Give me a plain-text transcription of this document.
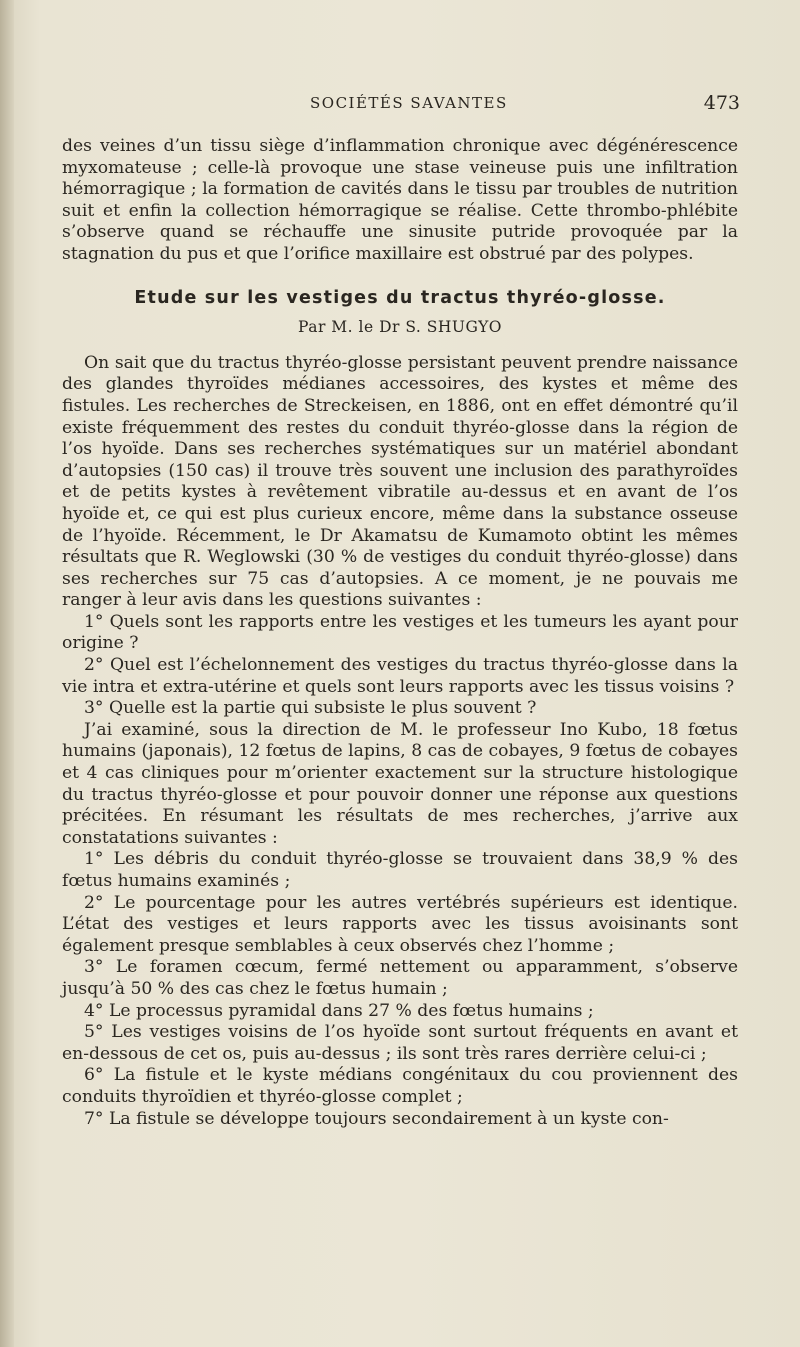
SOCIÉTÉS SAVANTES	473

des veines d’un tissu siège d’inflammation chronique avec dégénérescence myxomateuse ; celle-là provoque une stase veineuse puis une infiltration hémorragique ; la formation de cavités dans le tissu par troubles de nutrition suit et enfin la collection hémorragique se réalise. Cette thrombo-phlébite s’observe quand se réchauffe une sinusite putride provoquée par la stagnation du pus et que l’orifice maxillaire est obstrué par des polypes.

Etude sur les vestiges du tractus thyréo-glosse.
Par M. le Dr S. SHUGYO

On sait que du tractus thyréo-glosse persistant peuvent prendre naissance des glandes thyroïdes médianes accessoires, des kystes et même des fistules. Les recherches de Streckeisen, en 1886, ont en effet démontré qu’il existe fréquemment des restes du conduit thyréo-glosse dans la région de l’os hyoïde. Dans ses recherches systématiques sur un matériel abondant d’autopsies (150 cas) il trouve très souvent une inclusion des parathyroïdes et de petits kystes à revêtement vibratile au-dessus et en avant de l’os hyoïde et, ce qui est plus curieux encore, même dans la substance osseuse de l’hyoïde. Récemment, le Dr Akamatsu de Kumamoto obtint les mêmes résultats que R. Weglowski (30 % de vestiges du conduit thyréo-glosse) dans ses recherches sur 75 cas d’autopsies. A ce moment, je ne pouvais me ranger à leur avis dans les questions suivantes :

1° Quels sont les rapports entre les vestiges et les tumeurs les ayant pour origine ?

2° Quel est l’échelonnement des vestiges du tractus thyréo-glosse dans la vie intra et extra-utérine et quels sont leurs rapports avec les tissus voisins ?

3° Quelle est la partie qui subsiste le plus souvent ?

J’ai examiné, sous la direction de M. le professeur Ino Kubo, 18 fœtus humains (japonais), 12 fœtus de lapins, 8 cas de cobayes, 9 fœtus de cobayes et 4 cas cliniques pour m’orienter exactement sur la structure histologique du tractus thyréo-glosse et pour pouvoir donner une réponse aux questions précitées. En résumant les résultats de mes recherches, j’arrive aux constatations suivantes :

1° Les débris du conduit thyréo-glosse se trouvaient dans 38,9 % des fœtus humains examinés ;

2° Le pourcentage pour les autres vertébrés supérieurs est identique. L’état des vestiges et leurs rapports avec les tissus avoisinants sont également presque semblables à ceux observés chez l’homme ;

3° Le foramen cœcum, fermé nettement ou apparamment, s’observe jusqu’à 50 % des cas chez le fœtus humain ;

4° Le processus pyramidal dans 27 % des fœtus humains ;

5° Les vestiges voisins de l’os hyoïde sont surtout fréquents en avant et en-dessous de cet os, puis au-dessus ; ils sont très rares derrière celui-ci ;

6° La fistule et le kyste médians congénitaux du cou proviennent des conduits thyroïdien et thyréo-glosse complet ;

7° La fistule se développe toujours secondairement à un kyste con-
